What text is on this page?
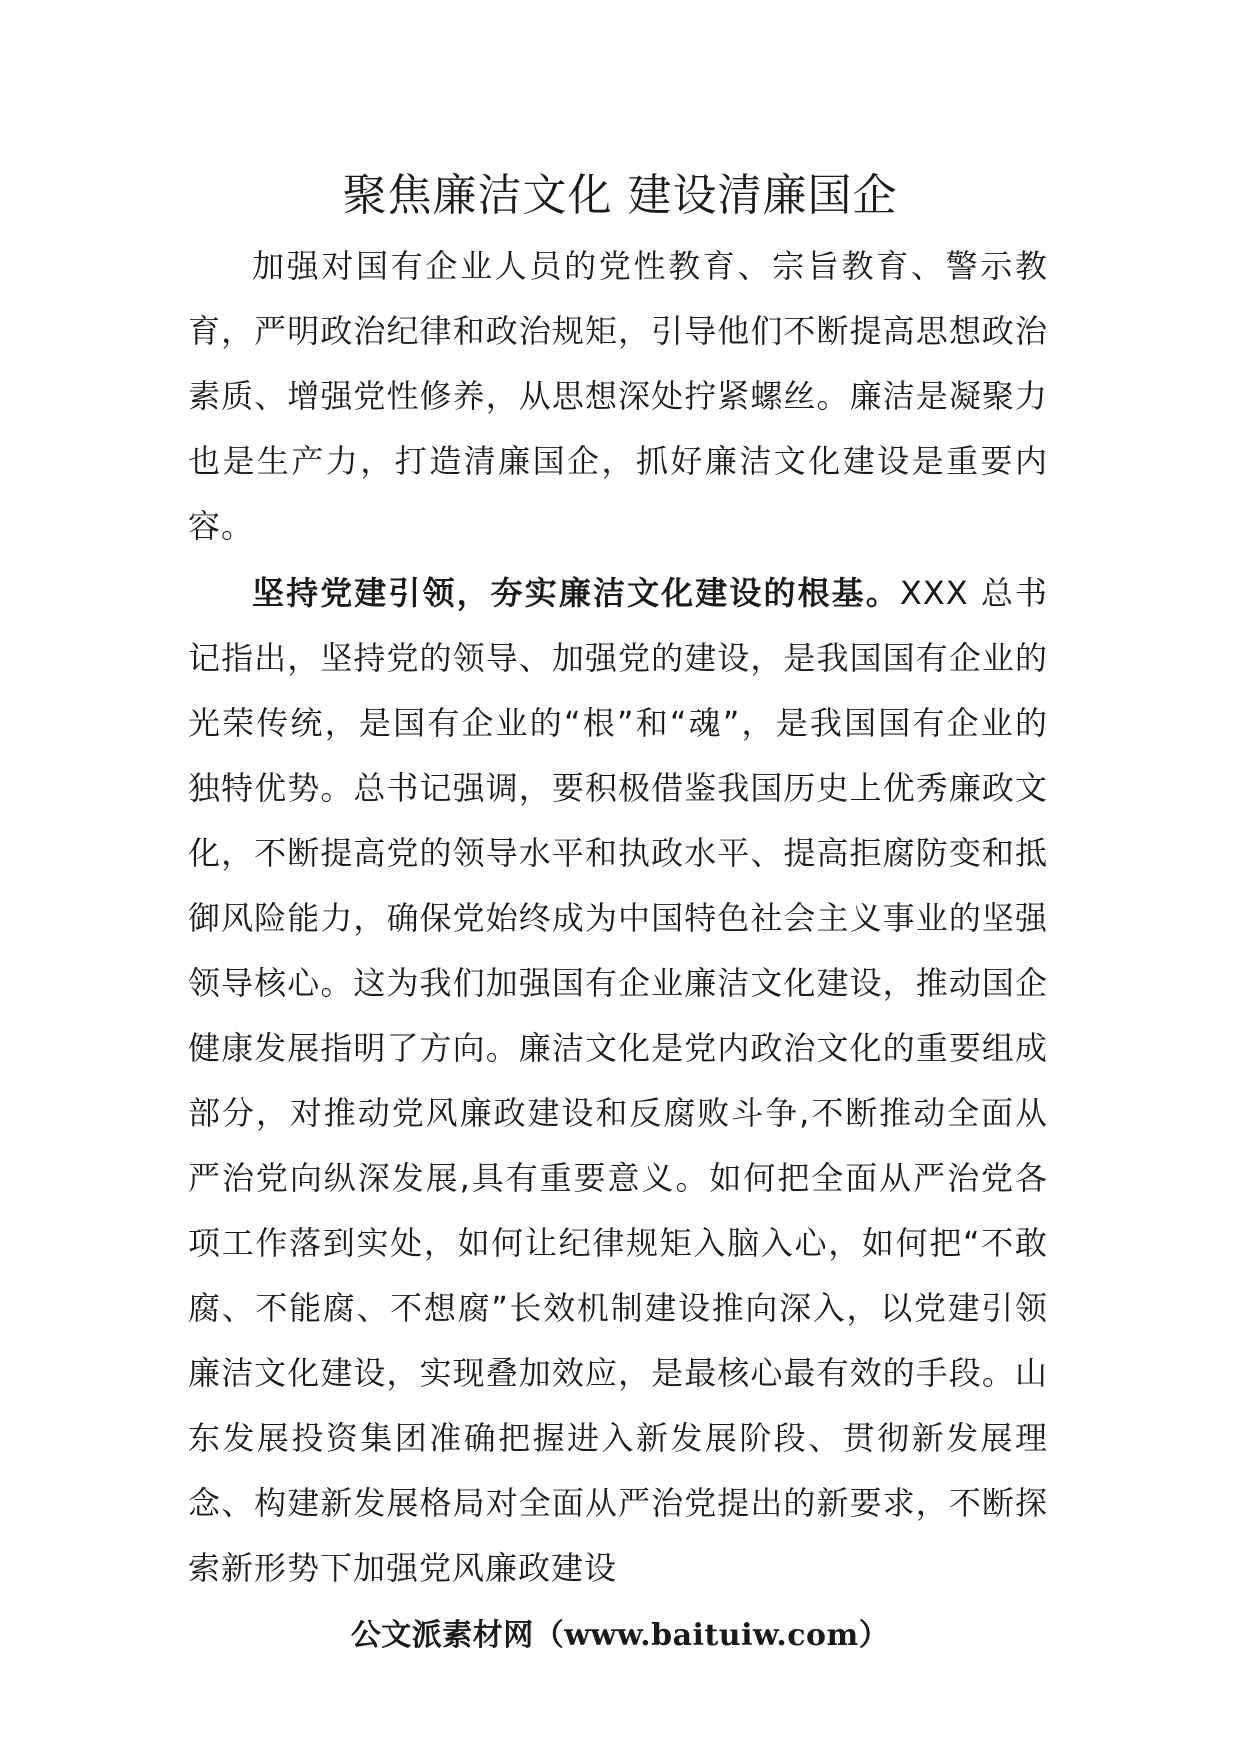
聚焦廉洁文化 建设清廉国企

加强对国有企业人员的党性教育、宗旨教育、警示教育，严明政治纪律和政治规矩，引导他们不断提高思想政治素质、增强党性修养，从思想深处拧紧螺丝。廉洁是凝聚力也是生产力，打造清廉国企，抓好廉洁文化建设是重要内容。

坚持党建引领，夯实廉洁文化建设的根基。XXX 总书记指出，坚持党的领导、加强党的建设，是我国国有企业的光荣传统，是国有企业的“根”和“魂”，是我国国有企业的独特优势。总书记强调，要积极借鉴我国历史上优秀廉政文化，不断提高党的领导水平和执政水平、提高拒腐防变和抵御风险能力，确保党始终成为中国特色社会主义事业的坚强领导核心。这为我们加强国有企业廉洁文化建设，推动国企健康发展指明了方向。廉洁文化是党内政治文化的重要组成部分，对推动党风廉政建设和反腐败斗争,不断推动全面从严治党向纵深发展,具有重要意义。如何把全面从严治党各项工作落到实处，如何让纪律规矩入脑入心，如何把“不敢腐、不能腐、不想腐”长效机制建设推向深入，以党建引领廉洁文化建设，实现叠加效应，是最核心最有效的手段。山东发展投资集团准确把握进入新发展阶段、贯彻新发展理念、构建新发展格局对全面从严治党提出的新要求，不断探索新形势下加强党风廉政建设

公文派素材网（www.baituiw.com）
